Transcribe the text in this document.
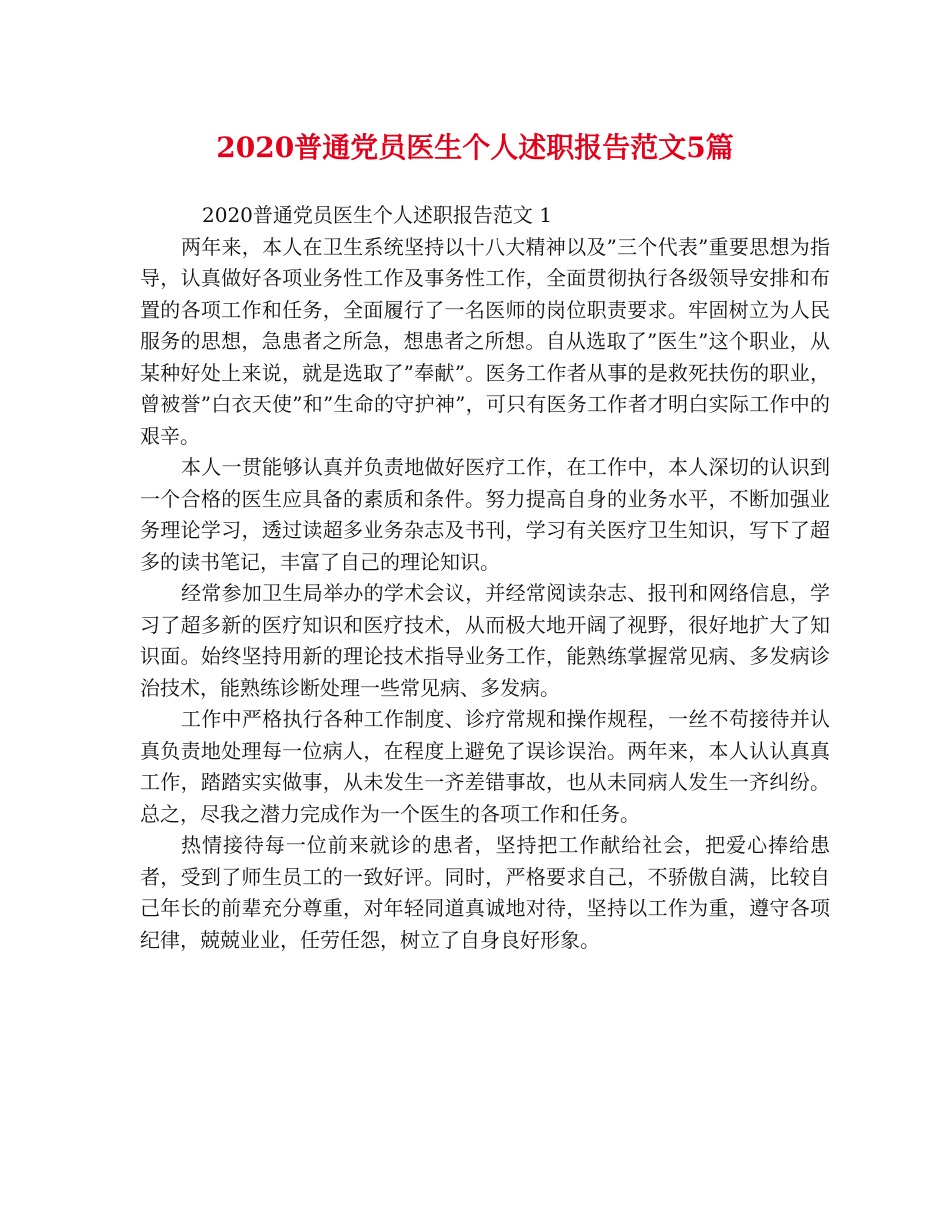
2020普通党员医生个人述职报告范文5篇

2020普通党员医生个人述职报告范文 1

两年来，本人在卫生系统坚持以十八大精神以及”三个代表”重要思想为指导，认真做好各项业务性工作及事务性工作，全面贯彻执行各级领导安排和布置的各项工作和任务，全面履行了一名医师的岗位职责要求。牢固树立为人民服务的思想，急患者之所急，想患者之所想。自从选取了”医生”这个职业，从某种好处上来说，就是选取了”奉献”。医务工作者从事的是救死扶伤的职业，曾被誉”白衣天使”和”生命的守护神”，可只有医务工作者才明白实际工作中的艰辛。

本人一贯能够认真并负责地做好医疗工作，在工作中，本人深切的认识到一个合格的医生应具备的素质和条件。努力提高自身的业务水平，不断加强业务理论学习，透过读超多业务杂志及书刊，学习有关医疗卫生知识，写下了超多的读书笔记，丰富了自己的理论知识。

经常参加卫生局举办的学术会议，并经常阅读杂志、报刊和网络信息，学习了超多新的医疗知识和医疗技术，从而极大地开阔了视野，很好地扩大了知识面。始终坚持用新的理论技术指导业务工作，能熟练掌握常见病、多发病诊治技术，能熟练诊断处理一些常见病、多发病。

工作中严格执行各种工作制度、诊疗常规和操作规程，一丝不苟接待并认真负责地处理每一位病人，在程度上避免了误诊误治。两年来，本人认认真真工作，踏踏实实做事，从未发生一齐差错事故，也从未同病人发生一齐纠纷。总之，尽我之潜力完成作为一个医生的各项工作和任务。

热情接待每一位前来就诊的患者，坚持把工作献给社会，把爱心捧给患者，受到了师生员工的一致好评。同时，严格要求自己，不骄傲自满，比较自己年长的前辈充分尊重，对年轻同道真诚地对待，坚持以工作为重，遵守各项纪律，兢兢业业，任劳任怨，树立了自身良好形象。
